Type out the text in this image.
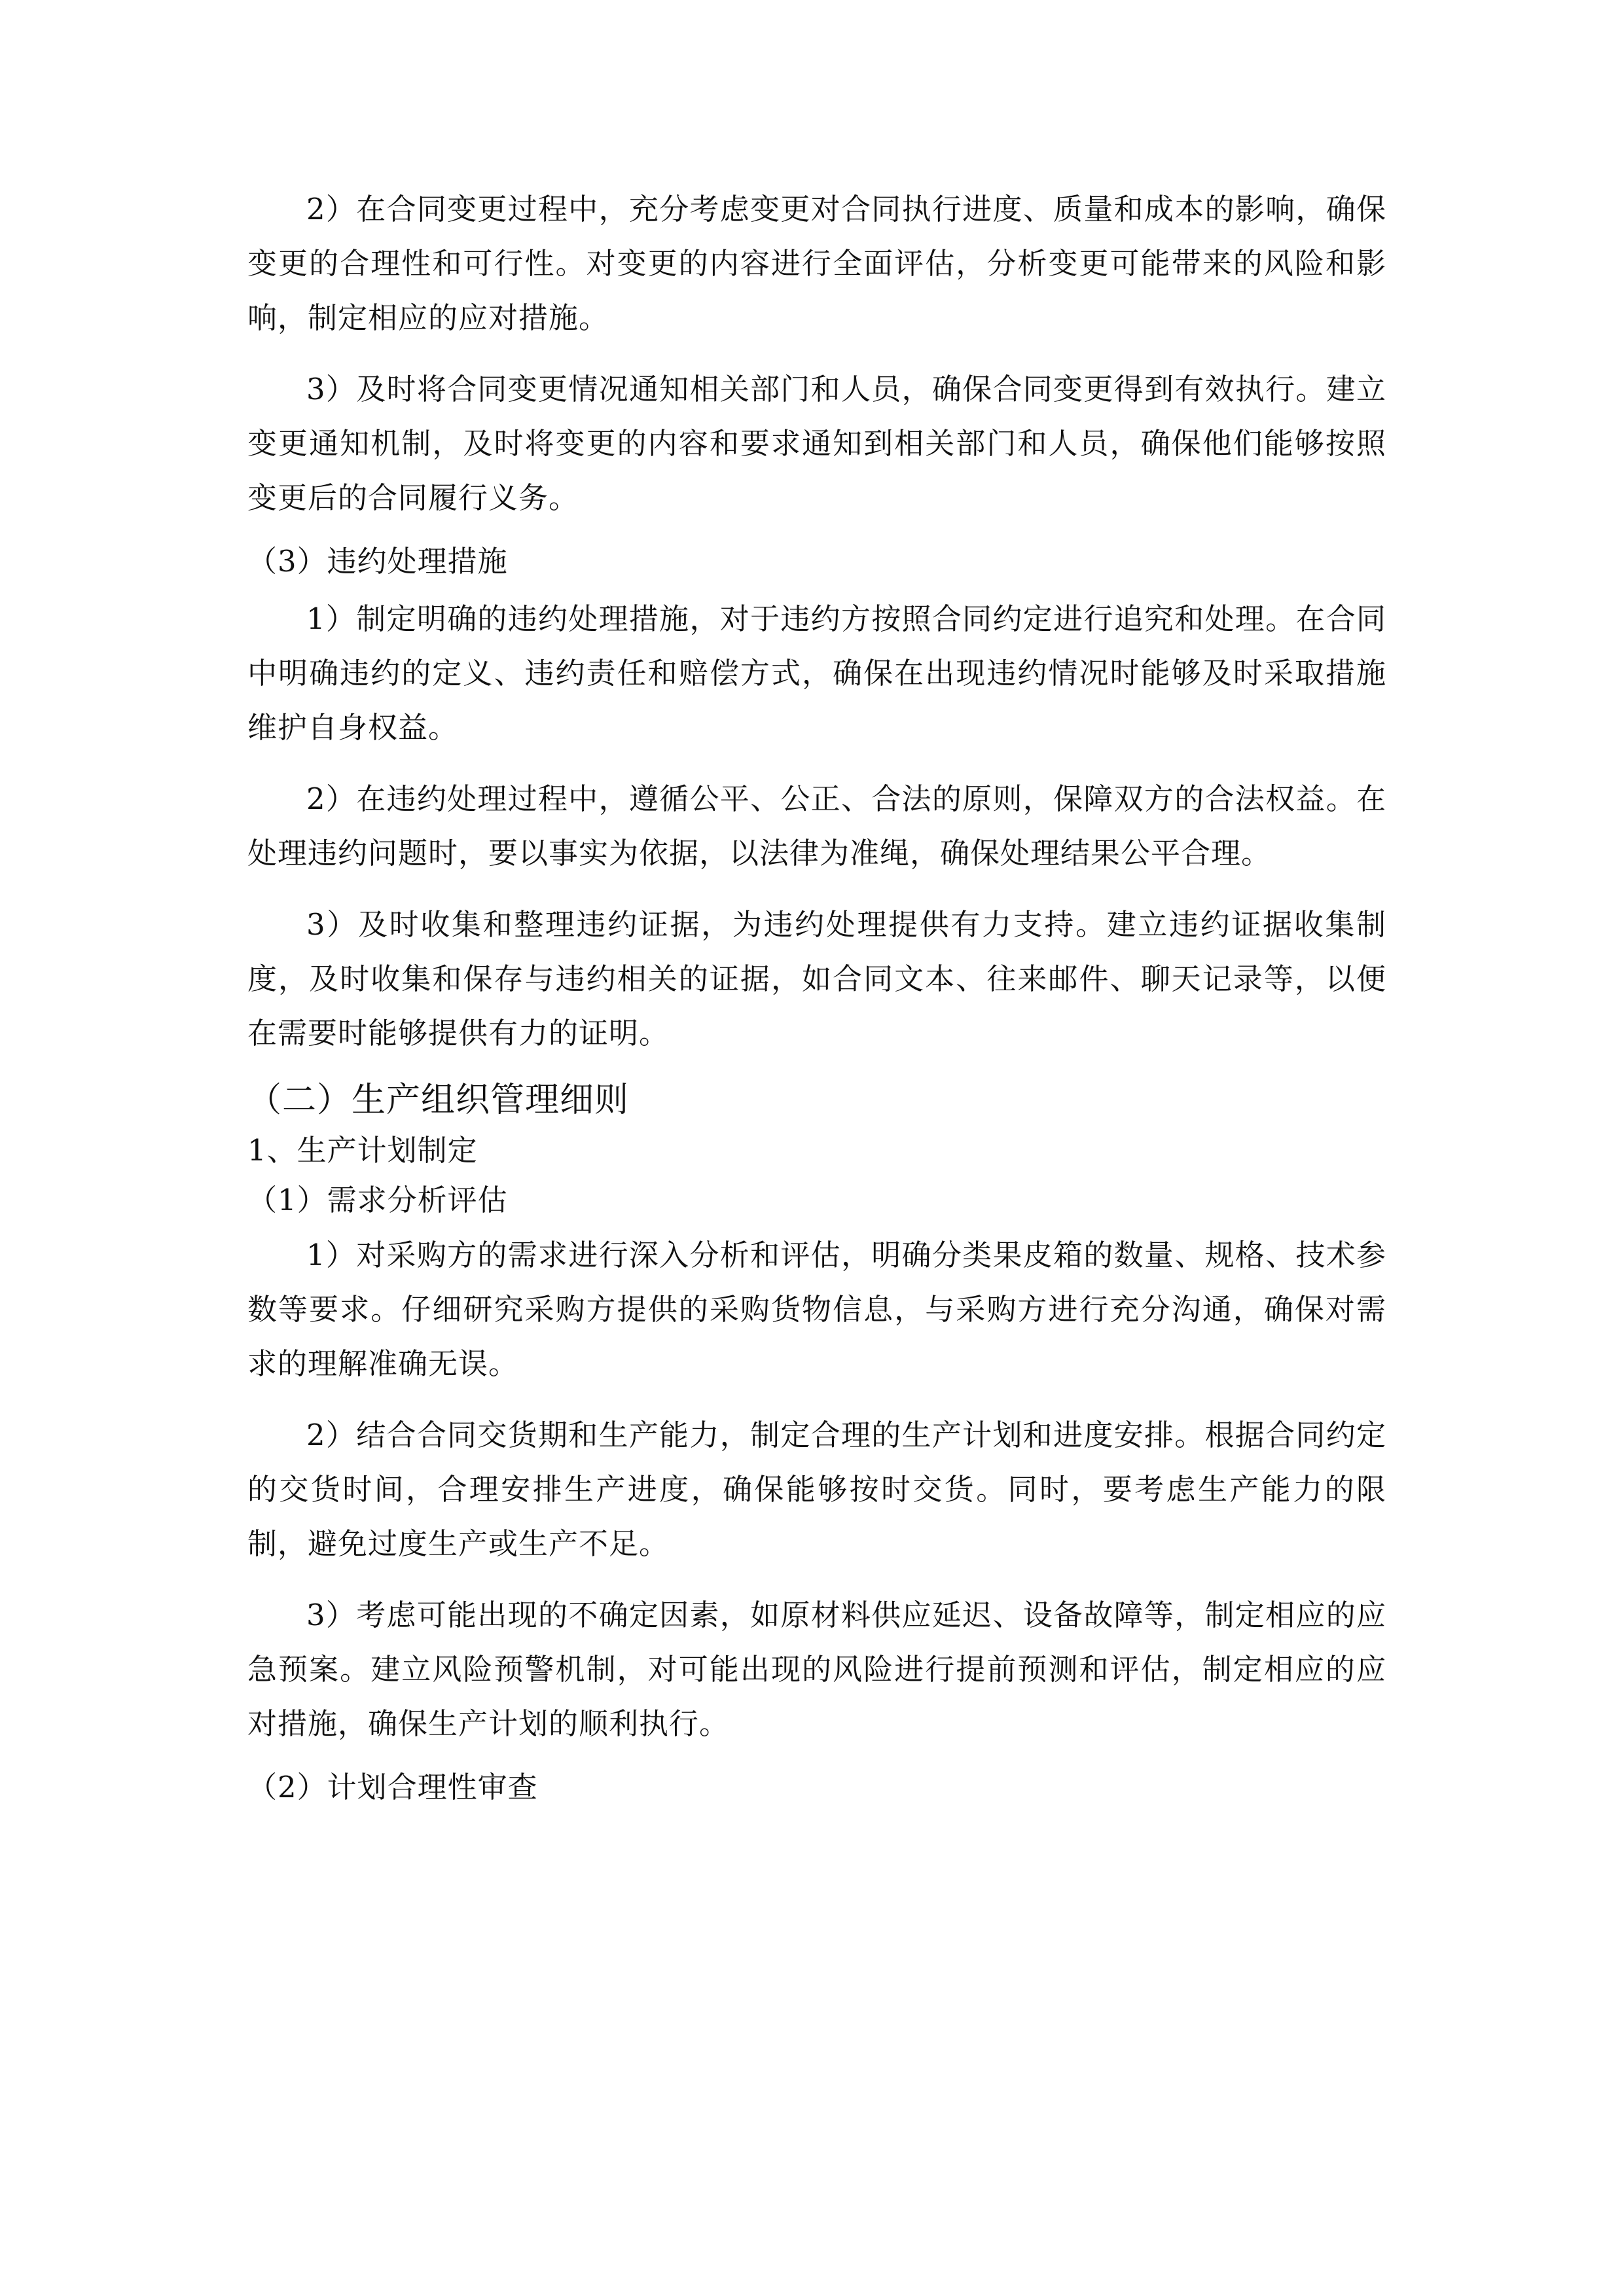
2）在合同变更过程中，充分考虑变更对合同执行进度、质量和成本的影响，确保变更的合理性和可行性。对变更的内容进行全面评估，分析变更可能带来的风险和影响，制定相应的应对措施。

3）及时将合同变更情况通知相关部门和人员，确保合同变更得到有效执行。建立变更通知机制，及时将变更的内容和要求通知到相关部门和人员，确保他们能够按照变更后的合同履行义务。

（3）违约处理措施

1）制定明确的违约处理措施，对于违约方按照合同约定进行追究和处理。在合同中明确违约的定义、违约责任和赔偿方式，确保在出现违约情况时能够及时采取措施维护自身权益。

2）在违约处理过程中，遵循公平、公正、合法的原则，保障双方的合法权益。在处理违约问题时，要以事实为依据，以法律为准绳，确保处理结果公平合理。

3）及时收集和整理违约证据，为违约处理提供有力支持。建立违约证据收集制度，及时收集和保存与违约相关的证据，如合同文本、往来邮件、聊天记录等，以便在需要时能够提供有力的证明。

（二）生产组织管理细则
1、生产计划制定
（1）需求分析评估

1）对采购方的需求进行深入分析和评估，明确分类果皮箱的数量、规格、技术参数等要求。仔细研究采购方提供的采购货物信息，与采购方进行充分沟通，确保对需求的理解准确无误。

2）结合合同交货期和生产能力，制定合理的生产计划和进度安排。根据合同约定的交货时间，合理安排生产进度，确保能够按时交货。同时，要考虑生产能力的限制，避免过度生产或生产不足。

3）考虑可能出现的不确定因素，如原材料供应延迟、设备故障等，制定相应的应急预案。建立风险预警机制，对可能出现的风险进行提前预测和评估，制定相应的应对措施，确保生产计划的顺利执行。

（2）计划合理性审查
